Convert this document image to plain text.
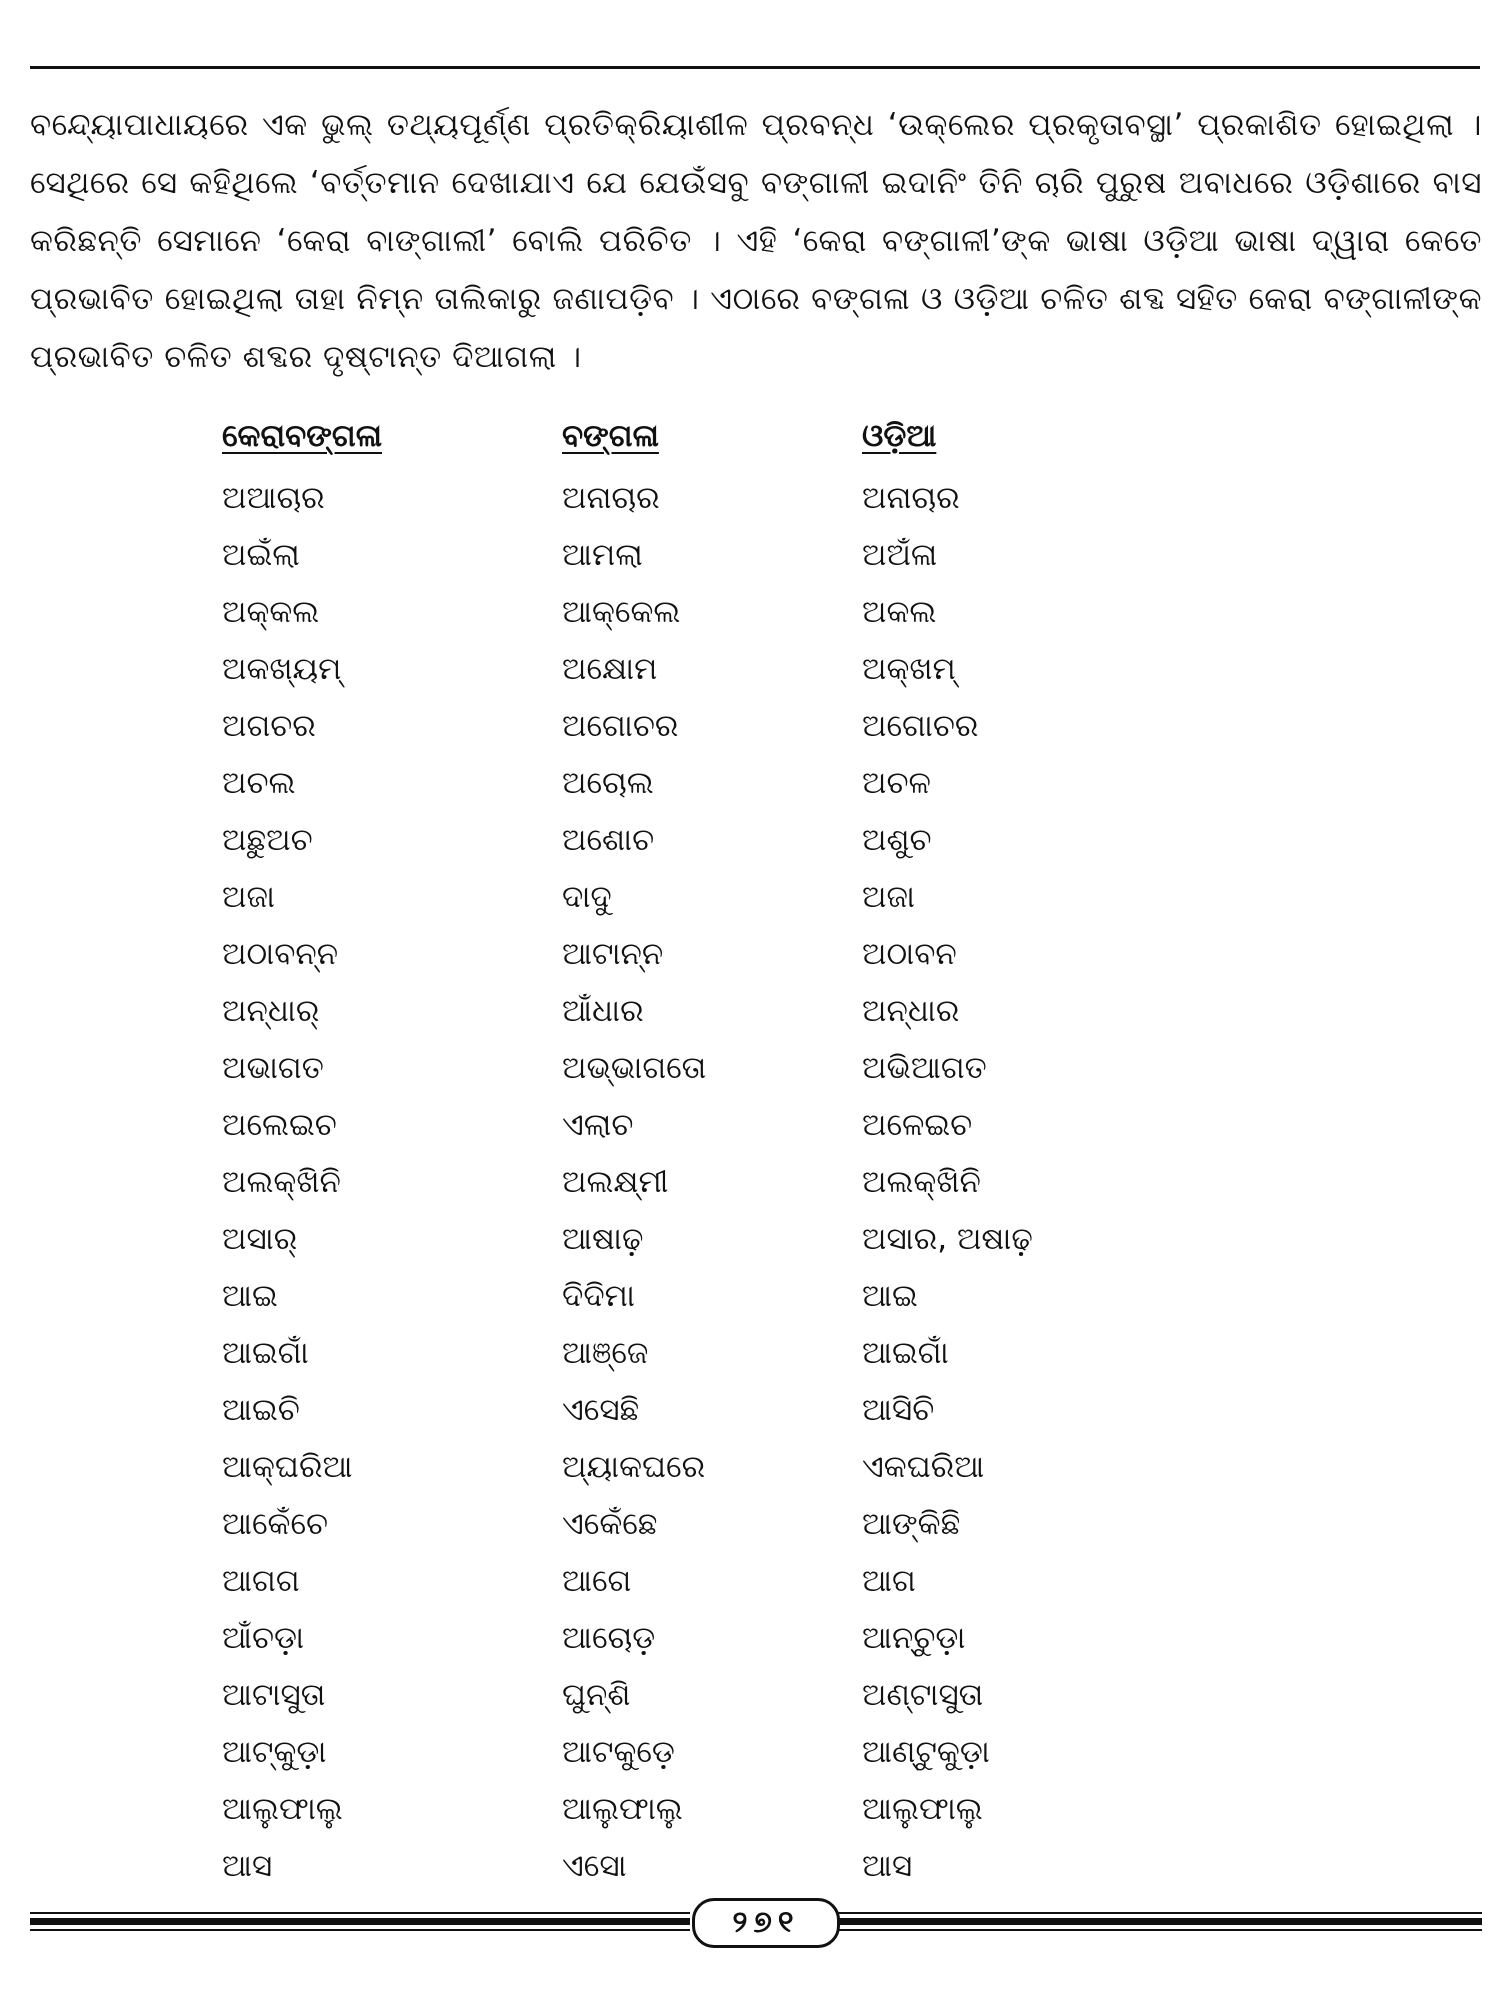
ବନ୍ଦ୍ୟୋପାଧାୟରେ ଏକ ଭୁଲ୍ ତଥ୍ୟପୂର୍ଣ୍ଣ ପ୍ରତିକ୍ରିୟାଶୀଳ ପ୍ରବନ୍ଧ ‘ଉକ୍‌ଲେର ପ୍ରକୃତାବସ୍ଥା’ ପ୍ରକାଶିତ ହୋଇଥିଲା । ସେଥିରେ ସେ କହିଥିଲେ ‘ବର୍ତ୍ତମାନ ଦେଖାଯାଏ ଯେ ଯେଉଁସବୁ ବଙ୍ଗାଳୀ ଇଦାନିଂ ତିନି ଚାରି ପୁରୁଷ ଅବାଧରେ ଓଡ଼ିଶାରେ ବାସ କରିଛନ୍ତି ସେମାନେ ‘କେରା ବାଙ୍ଗାଲୀ’ ବୋଲି ପରିଚିତ । ଏହି ‘କେରା ବଙ୍ଗାଳୀ’ଙ୍କ ଭାଷା ଓଡ଼ିଆ ଭାଷା ଦ୍ୱାରା କେତେ ପ୍ରଭାବିତ ହୋଇଥିଲା ତାହା ନିମ୍ନ ତାଲିକାରୁ ଜଣାପଡ଼ିବ । ଏଠାରେ ବଙ୍ଗଳା ଓ ଓଡ଼ିଆ ଚଳିତ ଶବ୍ଦ ସହିତ କେରା ବଙ୍ଗାଳୀଙ୍କ ପ୍ରଭାବିତ ଚଳିତ ଶବ୍ଦର ଦୃଷ୍ଟାନ୍ତ ଦିଆଗଲା ।

କେରାବଙ୍ଗଳା	ବଙ୍ଗଳା	ଓଡ଼ିଆ
ଅଆଚାର	ଅନାଚାର	ଅନାଚାର
ଅଇଁଲା	ଆମଲା	ଅଅଁଳା
ଅକ୍‌କଲ	ଆକ୍କେଲ	ଅକଲ
ଅକଖ୍ୟମ୍	ଅକ୍ଷୋମ	ଅକ୍‌ଖମ୍
ଅଗଚର	ଅଗୋଚର	ଅଗୋଚର
ଅଚଲ	ଅଚୋଲ	ଅଚଳ
ଅଛୁଅଚ	ଅଶୋଚ	ଅଶୁଚ
ଅଜା	ଦାଦୁ	ଅଜା
ଅଠାବନ୍‌ନ	ଆଟାନ୍ନ	ଅଠାବନ
ଅନ୍‌ଧାର୍	ଆଁଧାର	ଅନ୍ଧାର
ଅଭାଗତ	ଅଭ୍ଭାଗତୋ	ଅଭିଆଗତ
ଅଲେଇଚ	ଏଲାଚ	ଅଳେଇଚ
ଅଲକ୍‌ଖିନି	ଅଲକ୍ଷ୍ମୀ	ଅଲକ୍‌ଖିନି
ଅସାର୍	ଆଷାଢ଼	ଅସାର, ଅଷାଢ଼
ଆଇ	ଦିଦିମା	ଆଇ
ଆଇଗାଁ	ଆଞ୍ଜେ	ଆଇଗାଁ
ଆଇଚି	ଏସେଛି	ଆସିଚି
ଆକ୍‌ଘରିଆ	ଅ୍ୟାକଘରେ	ଏକଘରିଆ
ଆକେଁଚେ	ଏକେଁଛେ	ଆଙ୍କିଛି
ଆଗଗ	ଆଗେ	ଆଗ
ଆଁଚଡ଼ା	ଆଚୋଡ଼	ଆନ୍‌ଚୁଡ଼ା
ଆଟାସୁତା	ଘୁନ୍‌ଶି	ଅଣ୍ଟାସୁତା
ଆଟ୍‌କୁଡ଼ା	ଆଟକୁଡ଼େ	ଆଣ୍ଟୁକୁଡ଼ା
ଆଲୁଫାଲୁ	ଆଲୁଫାଲୁ	ଆଲୁଫାଲୁ
ଆସ	ଏସୋ	ଆସ
୨୭୧
